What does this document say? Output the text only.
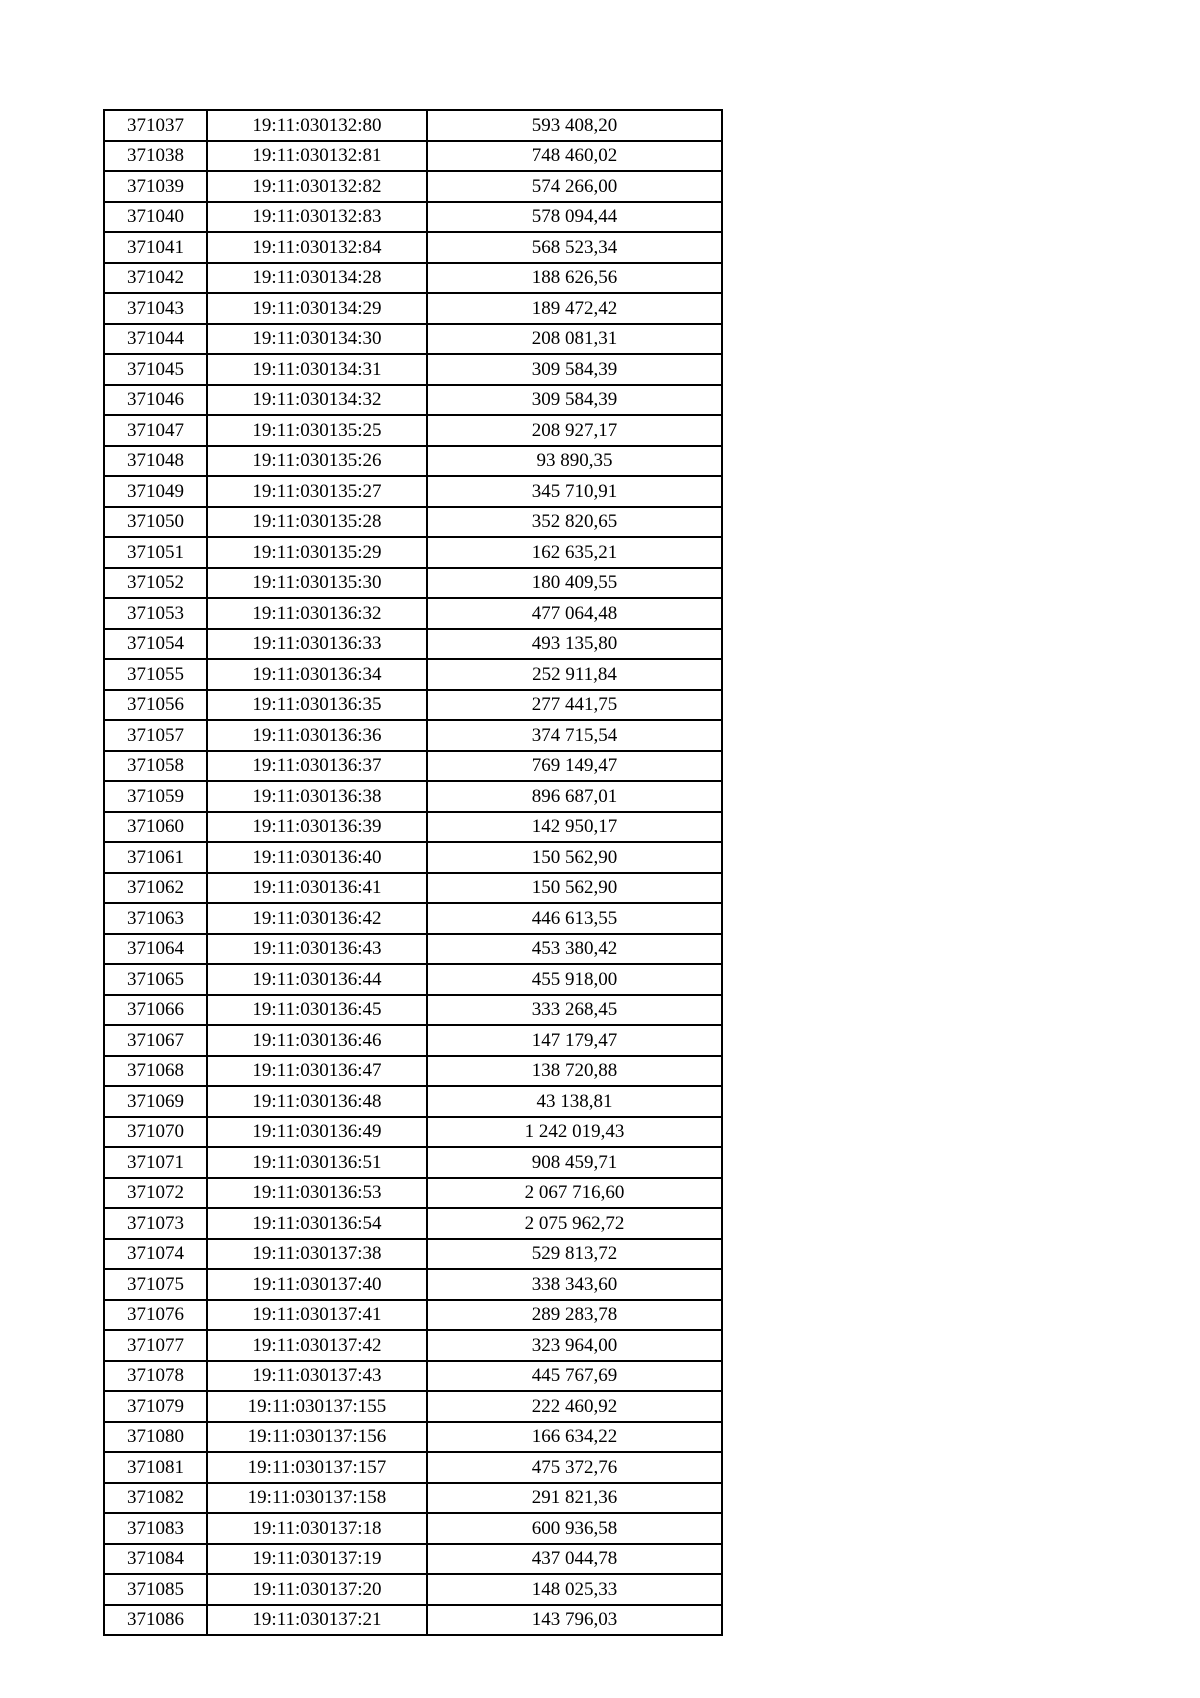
371037	19:11:030132:80	593 408,20
371038	19:11:030132:81	748 460,02
371039	19:11:030132:82	574 266,00
371040	19:11:030132:83	578 094,44
371041	19:11:030132:84	568 523,34
371042	19:11:030134:28	188 626,56
371043	19:11:030134:29	189 472,42
371044	19:11:030134:30	208 081,31
371045	19:11:030134:31	309 584,39
371046	19:11:030134:32	309 584,39
371047	19:11:030135:25	208 927,17
371048	19:11:030135:26	93 890,35
371049	19:11:030135:27	345 710,91
371050	19:11:030135:28	352 820,65
371051	19:11:030135:29	162 635,21
371052	19:11:030135:30	180 409,55
371053	19:11:030136:32	477 064,48
371054	19:11:030136:33	493 135,80
371055	19:11:030136:34	252 911,84
371056	19:11:030136:35	277 441,75
371057	19:11:030136:36	374 715,54
371058	19:11:030136:37	769 149,47
371059	19:11:030136:38	896 687,01
371060	19:11:030136:39	142 950,17
371061	19:11:030136:40	150 562,90
371062	19:11:030136:41	150 562,90
371063	19:11:030136:42	446 613,55
371064	19:11:030136:43	453 380,42
371065	19:11:030136:44	455 918,00
371066	19:11:030136:45	333 268,45
371067	19:11:030136:46	147 179,47
371068	19:11:030136:47	138 720,88
371069	19:11:030136:48	43 138,81
371070	19:11:030136:49	1 242 019,43
371071	19:11:030136:51	908 459,71
371072	19:11:030136:53	2 067 716,60
371073	19:11:030136:54	2 075 962,72
371074	19:11:030137:38	529 813,72
371075	19:11:030137:40	338 343,60
371076	19:11:030137:41	289 283,78
371077	19:11:030137:42	323 964,00
371078	19:11:030137:43	445 767,69
371079	19:11:030137:155	222 460,92
371080	19:11:030137:156	166 634,22
371081	19:11:030137:157	475 372,76
371082	19:11:030137:158	291 821,36
371083	19:11:030137:18	600 936,58
371084	19:11:030137:19	437 044,78
371085	19:11:030137:20	148 025,33
371086	19:11:030137:21	143 796,03
